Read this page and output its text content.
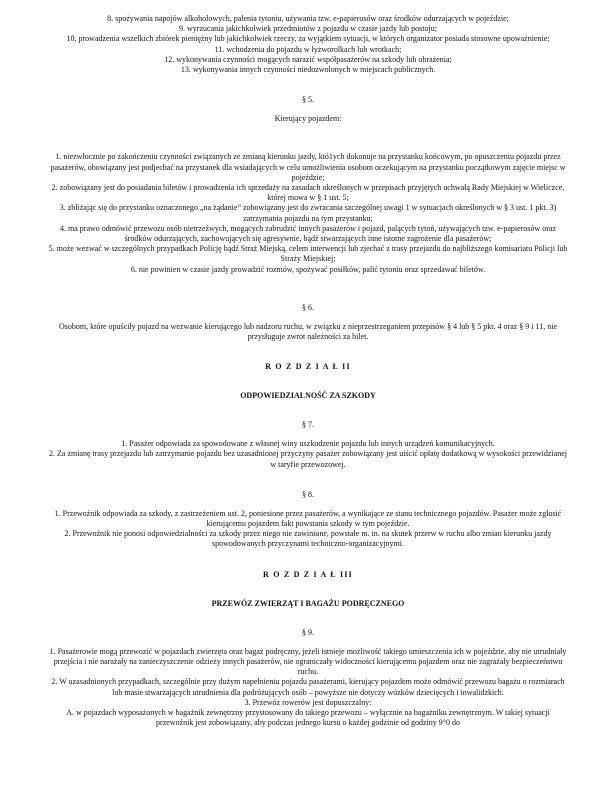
8. spożywania napojów alkoholowych, palenia tytoniu, używania tzw. e-papierosów oraz środków odurzających w pojeździe;

9. wyrzucania jakichkolwiek przedmiotów z pojazdu w czasie jazdy lub postoju;

10. prowadzenia wszelkich zbiórek pieniężny lub jakichkolwiek rzeczy, za wyjątkiem sytuacji, w których organizator posiada stosowne upoważnienie;

11. wchodzenia do pojazdu w łyżworolkach lub wrotkach;

12. wykonywania czynności mogących narazić współpasażerów na szkody lub obrażenia;

13. wykonywania innych czynności niedozwolonych w miejscach publicznych.

§ 5.

Kierujący pojazdem:

1. niezwłocznie po zakończeniu czynności związanych ze zmianą kierunku jazdy, któ1ych dokonuje na przystanku końcowym, po opuszczeniu pojazdu przez pasażerów, obowiązany jest podjechać na przystanek dla wsiadających w celu umożliwienia osobom oczekującym na przystanku początkowym zajęcie miejsc w pojeździe;

2. zobowiązany jest do posiadania biletów i prowadzenia ich sprzedaży na zasadach określonych w przepisach przyjętych uchwałą Rady Miejskiej w Wieliczce, której mowa w § 1 ust. 5;

3. zbliżając się do przystanku oznaczonego „na żądanie” zobowiązany jest do zwracania szczególnej uwagi 1 w sytuacjach określonych w § 3 ust. 1 pkt. 3) zatrzymania pojazdu na tym przystanku;

4. ma prawo odmówić przewozu osób nietrzeźwych, mogących zabrudzić innych pasażerów i pojazd, palących tytoń, używających tzw. e-papierosów oraz środków odurzających, zachowujących się agresywnie, bądź stwarzających inne istotne zagrożenie dla pasażerów;

5. może wezwać w szczególnych przypadkach Policję bądź Straż Miejską, celem interwencji lub zjechać z trasy przejazdu do najbliższego komisariatu Policji lub Straży Miejskiej;

6. nie powinien w czasie jazdy prowadzić rozmów, spożywać posiłków, palić tytoniu oraz sprzedawać biletów.

§ 6.

Osobom, które opuściły pojazd na wezwanie kierującego lub nadzoru ruchu, w związku z nieprzestrzeganiem przepisów § 4 lub § 5 pkt. 4 oraz § 9 i 11, nie przysługuje zwrot należności za bilet.

R O Z D Z I A Ł II

ODPOWIEDZIALNOŚĆ ZA SZKODY

§ 7.

1. Pasażer odpowiada za spowodowane z własnej winy uszkodzenie pojazdu lub innych urządzeń komunikacyjnych.

2. Za zmianę trasy przejazdu lub zatrzymanie pojazdu bez uzasadnionej przyczyny pasażer zobowiązany jest uiścić opłatę dodatkową w wysokości przewidzianej w taryfie przewozowej.

§ 8.

1. Przewoźnik odpowiada za szkody, z zastrzeżeniem ust. 2, poniesione przez pasażerów, a wynikające ze stanu technicznego pojazdów. Pasażer może zgłosić kierującemu pojazdem fakt powstania szkody w tym pojeździe.

2. Przewoźnik nie ponosi odpowiedzialności za szkody przez niego nie zawinione, powstałe m. in. na skutek przerw w ruchu albo zmian kierunku jazdy spowodowanych przyczynami techniczno-organizacyjnymi.

R O Z D Z I A Ł III

PRZEWÓZ ZWIERZĄT I BAGAŻU PODRĘCZNEGO

§ 9.

1. Pasażerowie mogą przewozić w pojazdach zwierzęta oraz bagaż podręczny, jeżeli istnieje możliwość takiego umieszczenia ich w pojeździe, aby nie utrudniały przejścia i nie narażały na zanieczyszczenie odzieży innych pasażerów, nie ograniczały widoczności kierującemu pojazdem oraz nie zagrażały bezpieczeństwu ruchu.

2. W uzasadnionych przypadkach, szczególnie przy dużym napełnieniu pojazdu pasażerami, kierujący pojazdem może odmówić przewozu bagażu o rozmiarach lub masie stwarzających utrudnienia dla podróżujących osób – powyższe nie dotyczy wózków dziecięcych i inwalidzkich.

3. Przewóz rowerów jest dopuszczalny:

A. w pojazdach wyposażonych w bagażnik zewnętrzny przystosowany do takiego przewozu – wyłącznie na bagażniku zewnętrznym. W takiej sytuacji przewoźnik jest zobowiązany, aby podczas jednego kursu o każdej godzinie od godziny 9°0 do
